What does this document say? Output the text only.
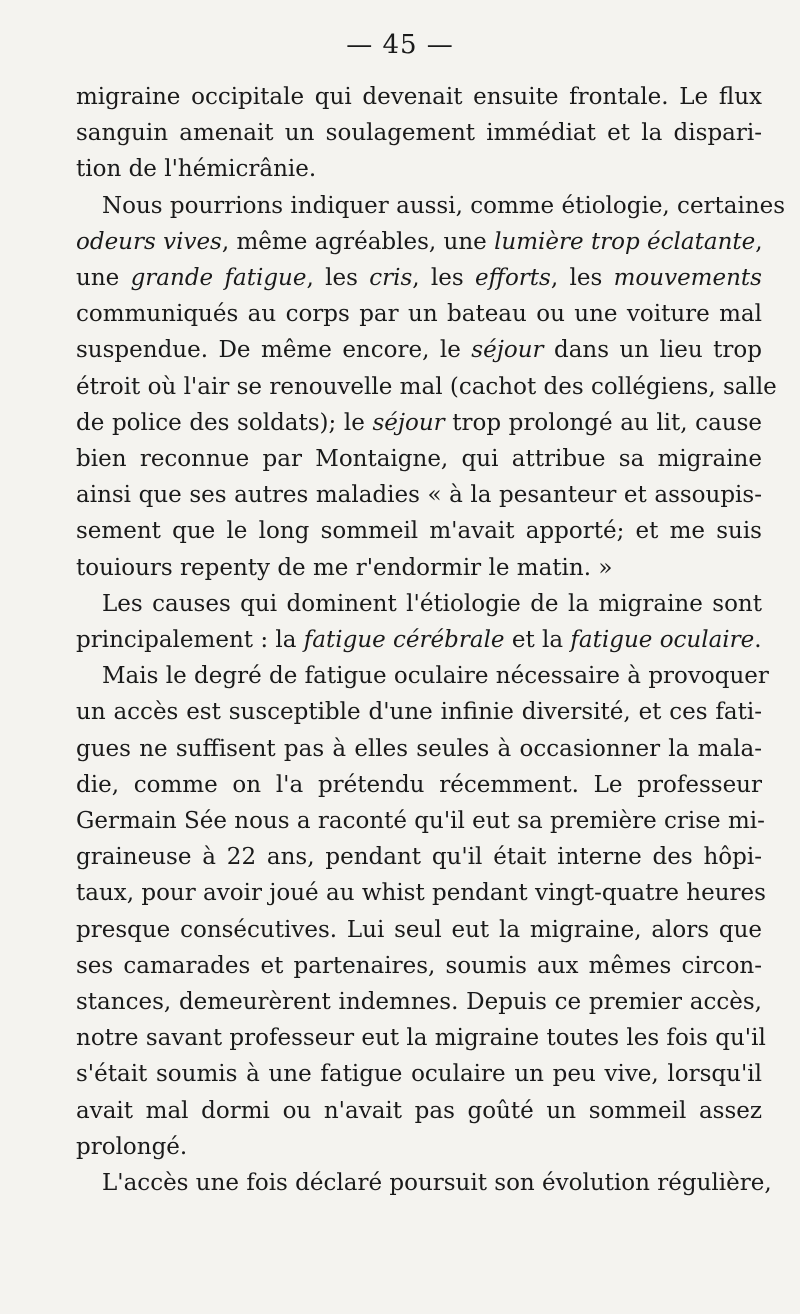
— 45 —
migraine occipitale qui devenait ensuite frontale. Le flux
sanguin amenait un soulagement immédiat et la dispari-
tion de l'hémicrânie.
Nous pourrions indiquer aussi, comme étiologie, certaines
odeurs vives, même agréables, une lumière trop éclatante,
une grande fatigue, les cris, les efforts, les mouvements
communiqués au corps par un bateau ou une voiture mal
suspendue. De même encore, le séjour dans un lieu trop
étroit où l'air se renouvelle mal (cachot des collégiens, salle
de police des soldats); le séjour trop prolongé au lit, cause
bien reconnue par Montaigne, qui attribue sa migraine
ainsi que ses autres maladies « à la pesanteur et assoupis-
sement que le long sommeil m'avait apporté; et me suis
touiours repenty de me r'endormir le matin. »
Les causes qui dominent l'étiologie de la migraine sont
principalement : la fatigue cérébrale et la fatigue oculaire.
Mais le degré de fatigue oculaire nécessaire à provoquer
un accès est susceptible d'une infinie diversité, et ces fati-
gues ne suffisent pas à elles seules à occasionner la mala-
die, comme on l'a prétendu récemment. Le professeur
Germain Sée nous a raconté qu'il eut sa première crise mi-
graineuse à 22 ans, pendant qu'il était interne des hôpi-
taux, pour avoir joué au whist pendant vingt-quatre heures
presque consécutives. Lui seul eut la migraine, alors que
ses camarades et partenaires, soumis aux mêmes circon-
stances, demeurèrent indemnes. Depuis ce premier accès,
notre savant professeur eut la migraine toutes les fois qu'il
s'était soumis à une fatigue oculaire un peu vive, lorsqu'il
avait mal dormi ou n'avait pas goûté un sommeil assez
prolongé.
L'accès une fois déclaré poursuit son évolution régulière,
